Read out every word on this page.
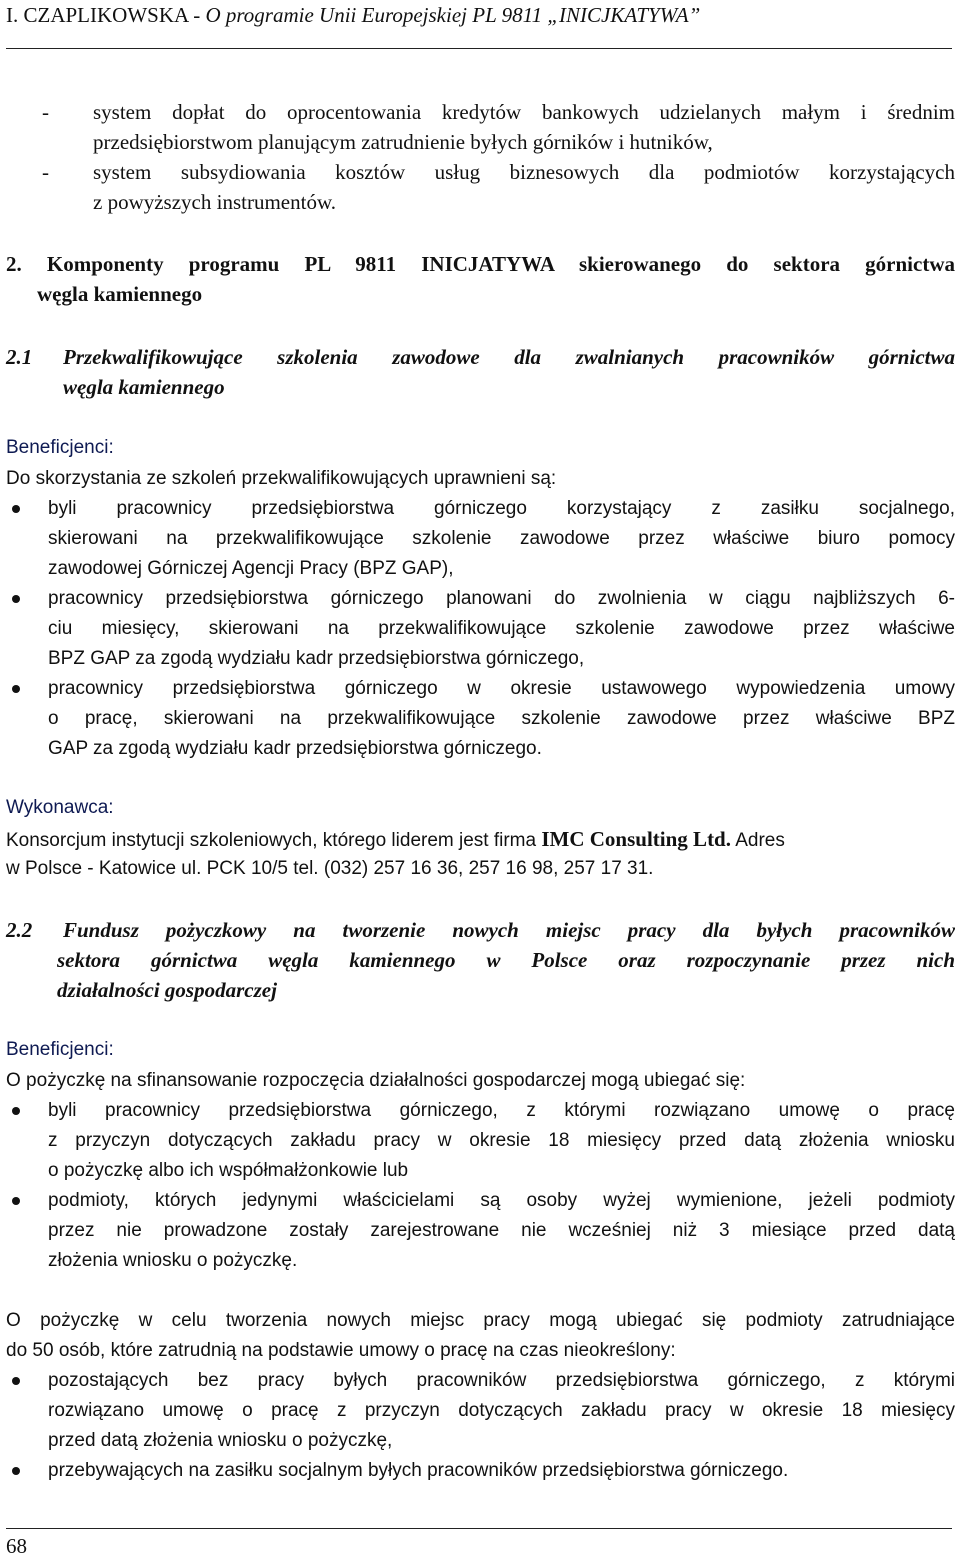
I. CZAPLIKOWSKA - O programie Unii Europejskiej PL 9811 „INICJKATYWA”
- system dopłat do oprocentowania kredytów bankowych udzielanych małym i średnim
przedsiębiorstwom planującym zatrudnienie byłych górników i hutników,
- system subsydiowania kosztów usług biznesowych dla podmiotów korzystających
z powyższych instrumentów.
2. Komponenty programu PL 9811 INICJATYWA skierowanego do sektora górnictwa
węgla kamiennego
2.1 Przekwalifikowujące szkolenia zawodowe dla zwalnianych pracowników górnictwa
węgla kamiennego
Beneficjenci:
Do skorzystania ze szkoleń przekwalifikowujących uprawnieni są:
byli pracownicy przedsiębiorstwa górniczego korzystający z zasiłku socjalnego,
skierowani na przekwalifikowujące szkolenie zawodowe przez właściwe biuro pomocy
zawodowej Górniczej Agencji Pracy (BPZ GAP),
pracownicy przedsiębiorstwa górniczego planowani do zwolnienia w ciągu najbliższych 6-
ciu miesięcy, skierowani na przekwalifikowujące szkolenie zawodowe przez właściwe
BPZ GAP za zgodą wydziału kadr przedsiębiorstwa górniczego,
pracownicy przedsiębiorstwa górniczego w okresie ustawowego wypowiedzenia umowy
o pracę, skierowani na przekwalifikowujące szkolenie zawodowe przez właściwe BPZ
GAP za zgodą wydziału kadr przedsiębiorstwa górniczego.
Wykonawca:
Konsorcjum instytucji szkoleniowych, którego liderem jest firma IMC Consulting Ltd. Adres
w Polsce - Katowice ul. PCK 10/5 tel. (032) 257 16 36, 257 16 98, 257 17 31.
2.2 Fundusz pożyczkowy na tworzenie nowych miejsc pracy dla byłych pracowników
sektora górnictwa węgla kamiennego w Polsce oraz rozpoczynanie przez nich
działalności gospodarczej
Beneficjenci:
O pożyczkę na sfinansowanie rozpoczęcia działalności gospodarczej mogą ubiegać się:
byli pracownicy przedsiębiorstwa górniczego, z którymi rozwiązano umowę o pracę
z przyczyn dotyczących zakładu pracy w okresie 18 miesięcy przed datą złożenia wniosku
o pożyczkę albo ich współmałżonkowie lub
podmioty, których jedynymi właścicielami są osoby wyżej wymienione, jeżeli podmioty
przez nie prowadzone zostały zarejestrowane nie wcześniej niż 3 miesiące przed datą
złożenia wniosku o pożyczkę.
O pożyczkę w celu tworzenia nowych miejsc pracy mogą ubiegać się podmioty zatrudniające
do 50 osób, które zatrudnią na podstawie umowy o pracę na czas nieokreślony:
pozostających bez pracy byłych pracowników przedsiębiorstwa górniczego, z którymi
rozwiązano umowę o pracę z przyczyn dotyczących zakładu pracy w okresie 18 miesięcy
przed datą złożenia wniosku o pożyczkę,
przebywających na zasiłku socjalnym byłych pracowników przedsiębiorstwa górniczego.
68
